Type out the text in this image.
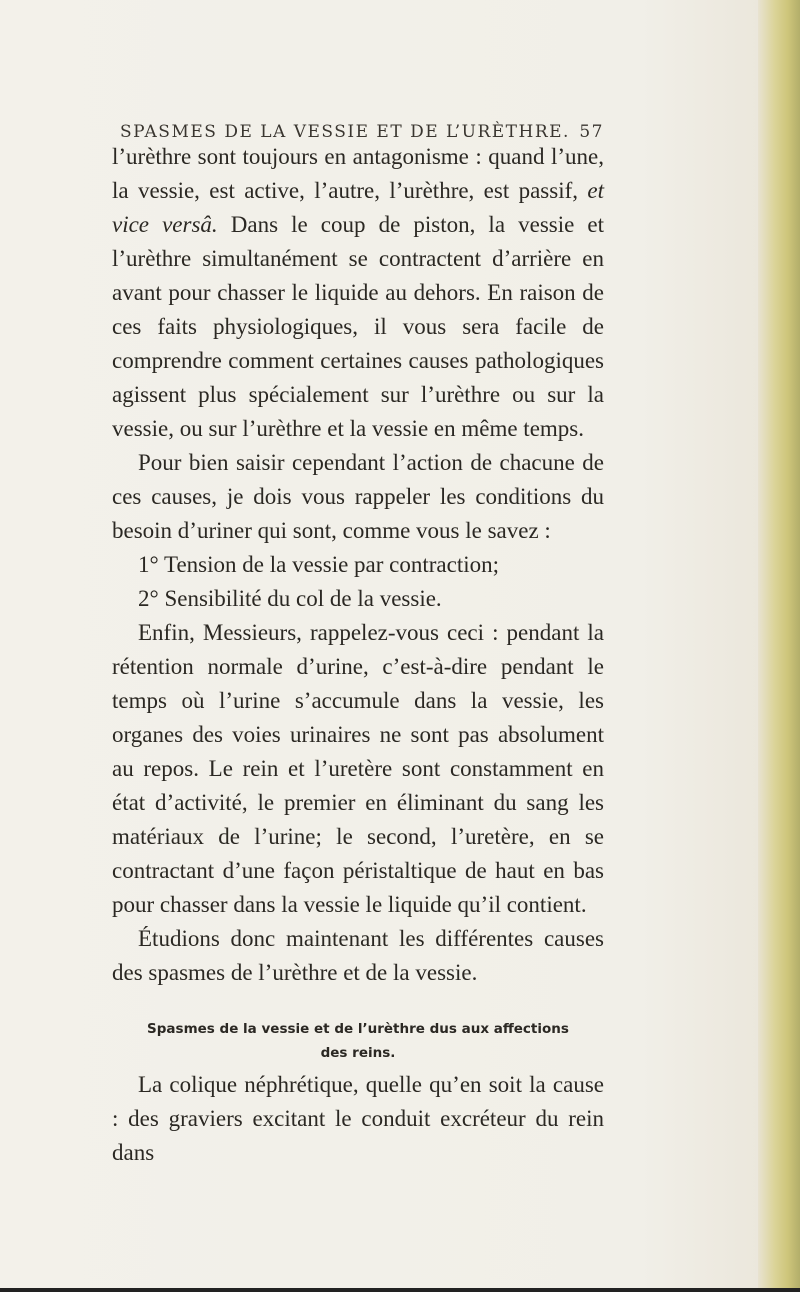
SPASMES DE LA VESSIE ET DE L’URÈTHRE. 57

l’urèthre sont toujours en antagonisme : quand l’une, la vessie, est active, l’autre, l’urèthre, est passif, et vice versâ. Dans le coup de piston, la vessie et l’urèthre simultanément se contractent d’arrière en avant pour chasser le liquide au dehors. En raison de ces faits physiologiques, il vous sera facile de comprendre comment certaines causes pathologiques agissent plus spécialement sur l’urèthre ou sur la vessie, ou sur l’urèthre et la vessie en même temps.

Pour bien saisir cependant l’action de chacune de ces causes, je dois vous rappeler les conditions du besoin d’uriner qui sont, comme vous le savez :

1° Tension de la vessie par contraction;

2° Sensibilité du col de la vessie.

Enfin, Messieurs, rappelez-vous ceci : pendant la rétention normale d’urine, c’est-à-dire pendant le temps où l’urine s’accumule dans la vessie, les organes des voies urinaires ne sont pas absolument au repos. Le rein et l’uretère sont constamment en état d’activité, le premier en éliminant du sang les matériaux de l’urine; le second, l’uretère, en se contractant d’une façon péristaltique de haut en bas pour chasser dans la vessie le liquide qu’il contient.

Étudions donc maintenant les différentes causes des spasmes de l’urèthre et de la vessie.

Spasmes de la vessie et de l’urèthre dus aux affections
des reins.

La colique néphrétique, quelle qu’en soit la cause : des graviers excitant le conduit excréteur du rein dans
